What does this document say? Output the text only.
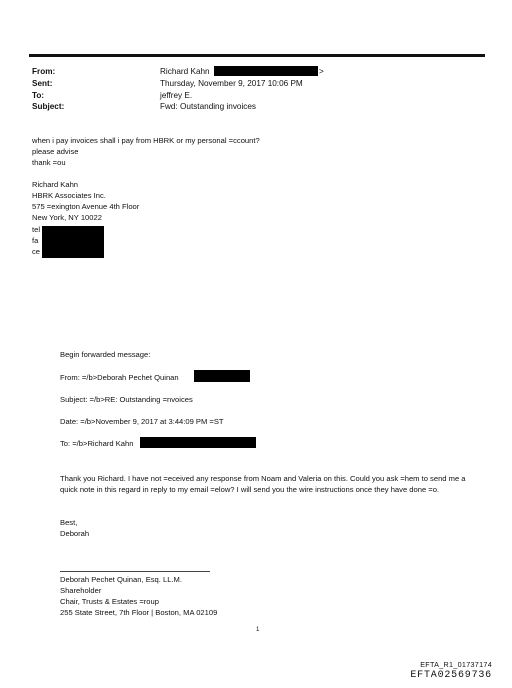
From:	Richard Kahn	>
Sent:	Thursday, November 9, 2017 10:06 PM
To:	jeffrey E.
Subject:	Fwd: Outstanding invoices
when i pay invoices shall i pay from HBRK or my personal =ccount?
please advise
thank =ou
Richard Kahn
HBRK Associates Inc.
575 =exington Avenue 4th Floor
New York, NY 10022
tel
fa
ce
Begin forwarded message:
From: =/b>Deborah Pechet Quinan
Subject: =/b>RE: Outstanding =nvoices
Date: =/b>November 9, 2017 at 3:44:09 PM =ST
To: =/b>Richard Kahn
Thank you Richard. I have not =eceived any response from Noam and Valeria on this. Could you ask =hem to send me a quick note in this regard in reply to my email =elow? I will send you the wire instructions once they have done =o.
Best,
Deborah
Deborah Pechet Quinan, Esq. LL.M.
Shareholder
Chair, Trusts & Estates =roup
255 State Street, 7th Floor | Boston, MA 02109
1
EFTA_R1_01737174
EFTA02569736
